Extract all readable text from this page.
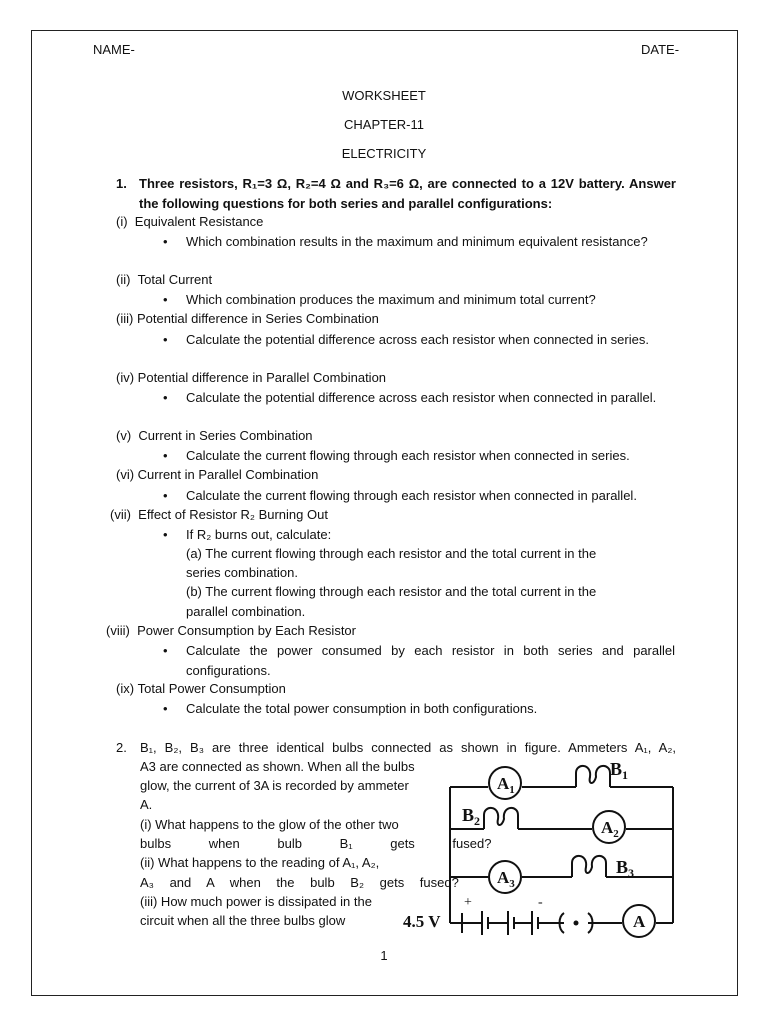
NAME-	DATE-
WORKSHEET
CHAPTER-11
ELECTRICITY
1. Three resistors, R₁=3 Ω, R₂=4 Ω and R₃=6 Ω, are connected to a 12V battery. Answer the following questions for both series and parallel configurations:
(i) Equivalent Resistance
• Which combination results in the maximum and minimum equivalent resistance?
(ii) Total Current
• Which combination produces the maximum and minimum total current?
(iii) Potential difference in Series Combination
• Calculate the potential difference across each resistor when connected in series.
(iv) Potential difference in Parallel Combination
• Calculate the potential difference across each resistor when connected in parallel.
(v) Current in Series Combination
• Calculate the current flowing through each resistor when connected in series.
(vi) Current in Parallel Combination
• Calculate the current flowing through each resistor when connected in parallel.
(vii) Effect of Resistor R₂ Burning Out
• If R₂ burns out, calculate:
(a) The current flowing through each resistor and the total current in the
series combination.
(b) The current flowing through each resistor and the total current in the
parallel combination.
(viii) Power Consumption by Each Resistor
• Calculate the power consumed by each resistor in both series and parallel configurations.
(ix) Total Power Consumption
• Calculate the total power consumption in both configurations.
2. B₁, B₂, B₃ are three identical bulbs connected as shown in figure. Ammeters A₁, A₂,
A3 are connected as shown. When all the bulbs
glow, the current of 3A is recorded by ammeter
A.
(i) What happens to the glow of the other two
bulbs when bulb B₁ gets fused?
(ii) What happens to the reading of A₁, A₂,
A₃ and A when the bulb B₂ gets fused?
(iii) How much power is dissipated in the
circuit when all the three bulbs glow
$A_1$
$A_2$
$A_3$
A
$B_1$
$B_2$
$B_3$
4.5 V
+	-
1
